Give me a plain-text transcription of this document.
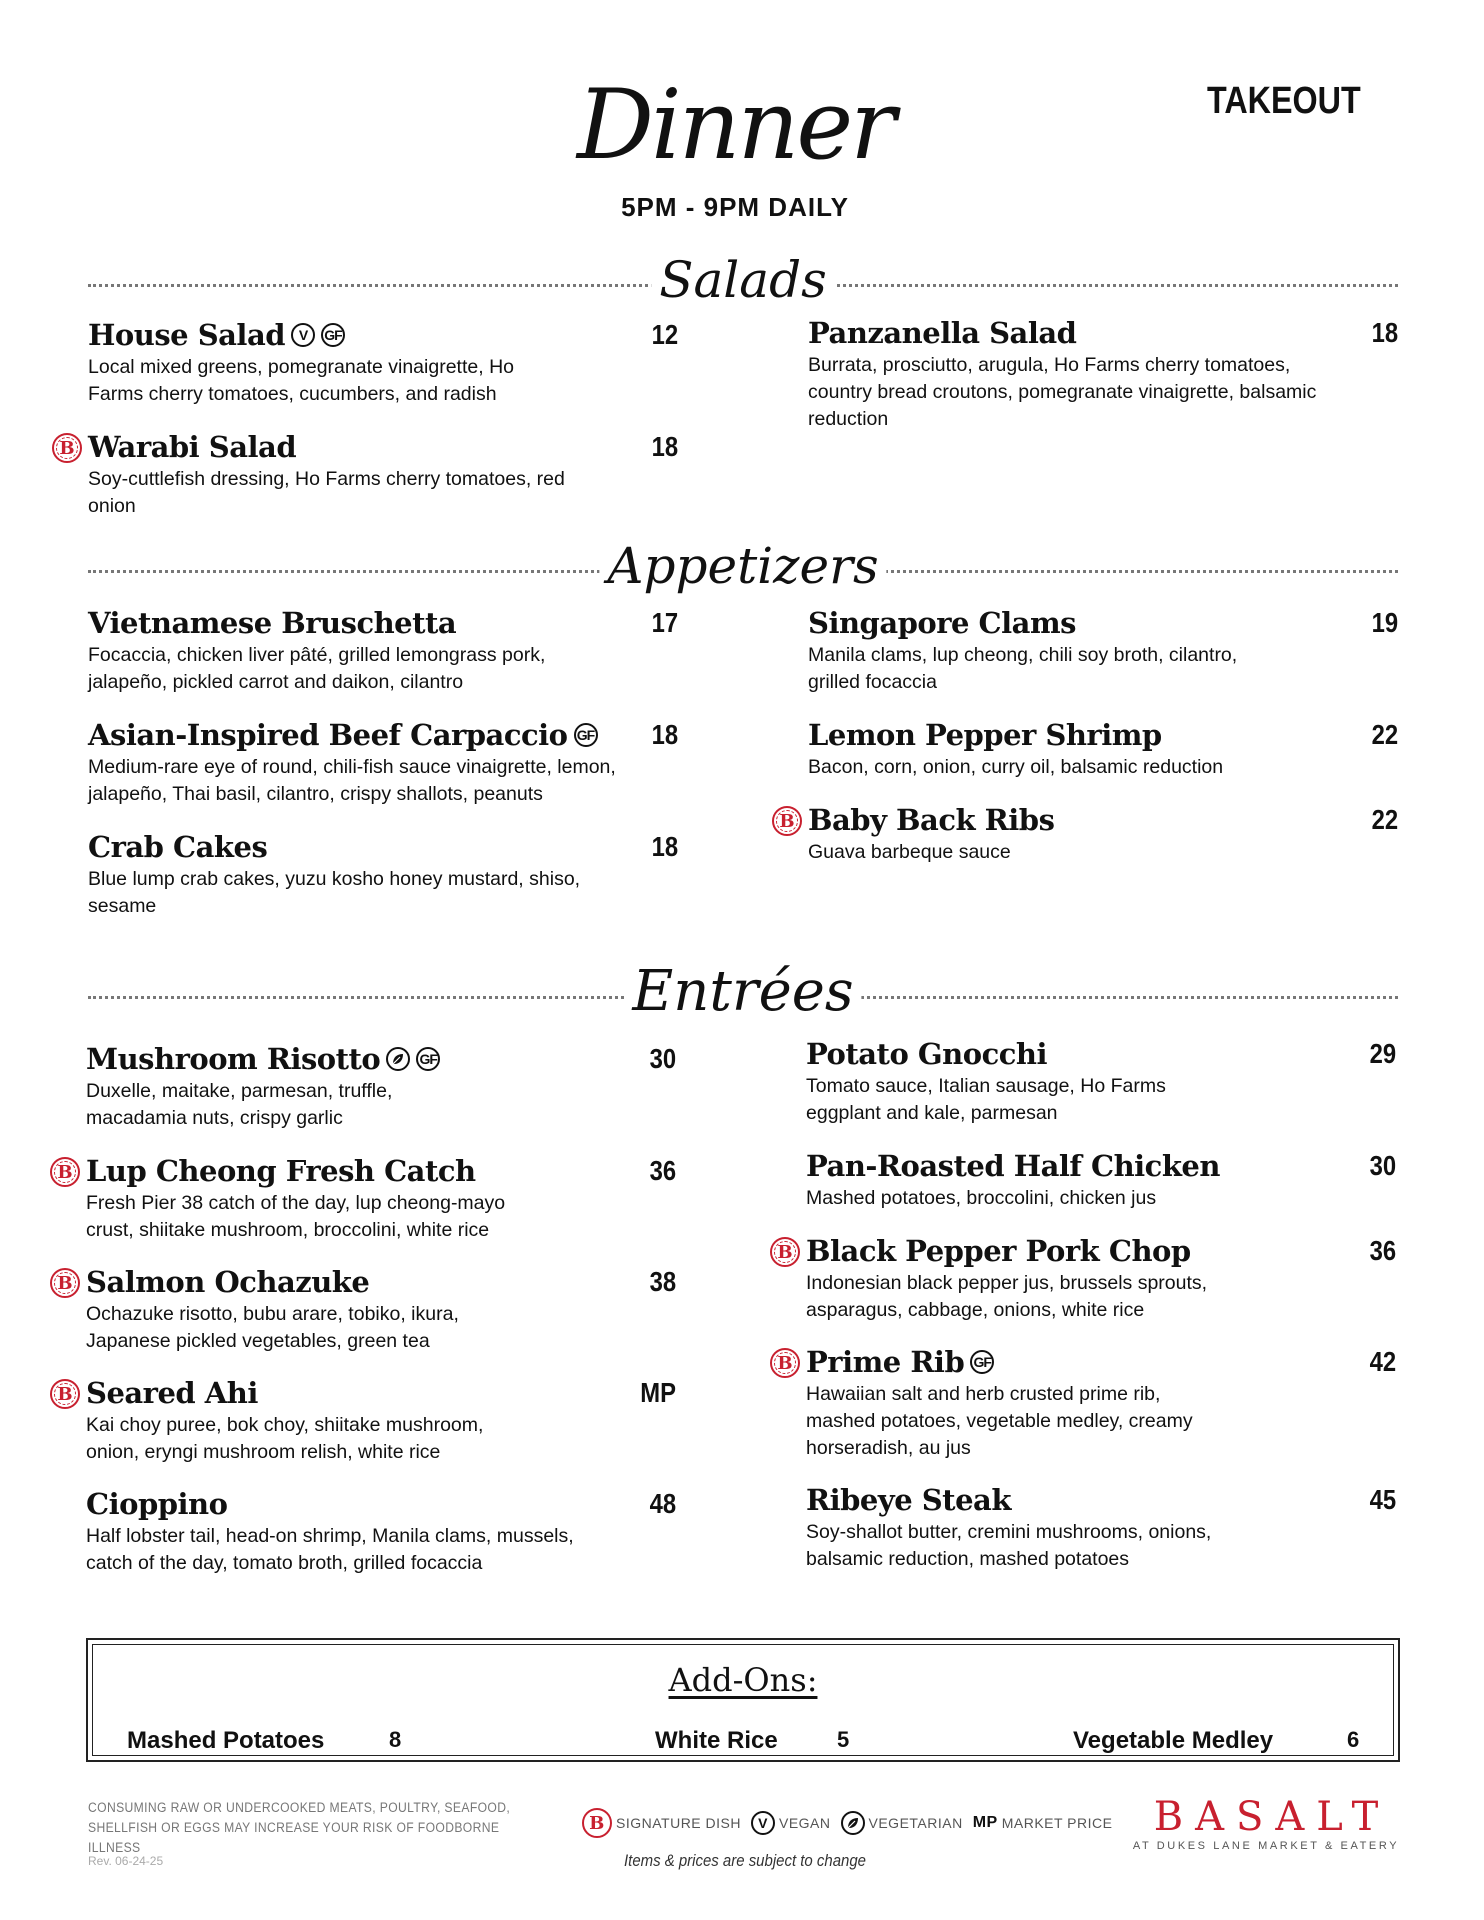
Dinner
5PM - 9PM DAILY
TAKEOUT
Salads
House Salad V	GF	12
Local mixed greens, pomegranate vinaigrette, Ho Farms cherry tomatoes, cucumbers, and radish
B Warabi Salad	18
Soy-cuttlefish dressing, Ho Farms cherry tomatoes, red onion
Panzanella Salad	18
Burrata, prosciutto, arugula, Ho Farms cherry tomatoes, country bread croutons, pomegranate vinaigrette, balsamic reduction
Appetizers
Vietnamese Bruschetta	17
Focaccia, chicken liver pâté, grilled lemongrass pork, jalapeño, pickled carrot and daikon, cilantro
Asian-Inspired Beef Carpaccio GF 18
Medium-rare eye of round, chili-fish sauce vinaigrette, lemon, jalapeño, Thai basil, cilantro, crispy shallots, peanuts
Crab Cakes	18
Blue lump crab cakes, yuzu kosho honey mustard, shiso, sesame
Singapore Clams	19
Manila clams, lup cheong, chili soy broth, cilantro, grilled focaccia
Lemon Pepper Shrimp	22
Bacon, corn, onion, curry oil, balsamic reduction
B Baby Back Ribs	22
Guava barbeque sauce
Entrées
Mushroom Risotto	GF	30
Duxelle, maitake, parmesan, truffle, macadamia nuts, crispy garlic
B Lup Cheong Fresh Catch	36
Fresh Pier 38 catch of the day, lup cheong-mayo crust, shiitake mushroom, broccolini, white rice
B Salmon Ochazuke	38
Ochazuke risotto, bubu arare, tobiko, ikura, Japanese pickled vegetables, green tea
B Seared Ahi	MP
Kai choy puree, bok choy, shiitake mushroom, onion, eryngi mushroom relish, white rice
Cioppino	48
Half lobster tail, head-on shrimp, Manila clams, mussels, catch of the day, tomato broth, grilled focaccia
Potato Gnocchi	29
Tomato sauce, Italian sausage, Ho Farms eggplant and kale, parmesan
Pan-Roasted Half Chicken	30
Mashed potatoes, broccolini, chicken jus
B Black Pepper Pork Chop	36
Indonesian black pepper jus, brussels sprouts, asparagus, cabbage, onions, white rice
B Prime Rib GF	42
Hawaiian salt and herb crusted prime rib, mashed potatoes, vegetable medley, creamy horseradish, au jus
Ribeye Steak	45
Soy-shallot butter, cremini mushrooms, onions, balsamic reduction, mashed potatoes
Add-Ons:
Mashed Potatoes	8	White Rice	5	Vegetable Medley	6
CONSUMING RAW OR UNDERCOOKED MEATS, POULTRY, SEAFOOD, SHELLFISH OR EGGS MAY INCREASE YOUR RISK OF FOODBORNE ILLNESS
Rev. 06-24-25
B SIGNATURE DISH	V VEGAN	VEGETARIAN MP MARKET PRICE
Items & prices are subject to change
BASALT
AT DUKES LANE MARKET & EATERY
